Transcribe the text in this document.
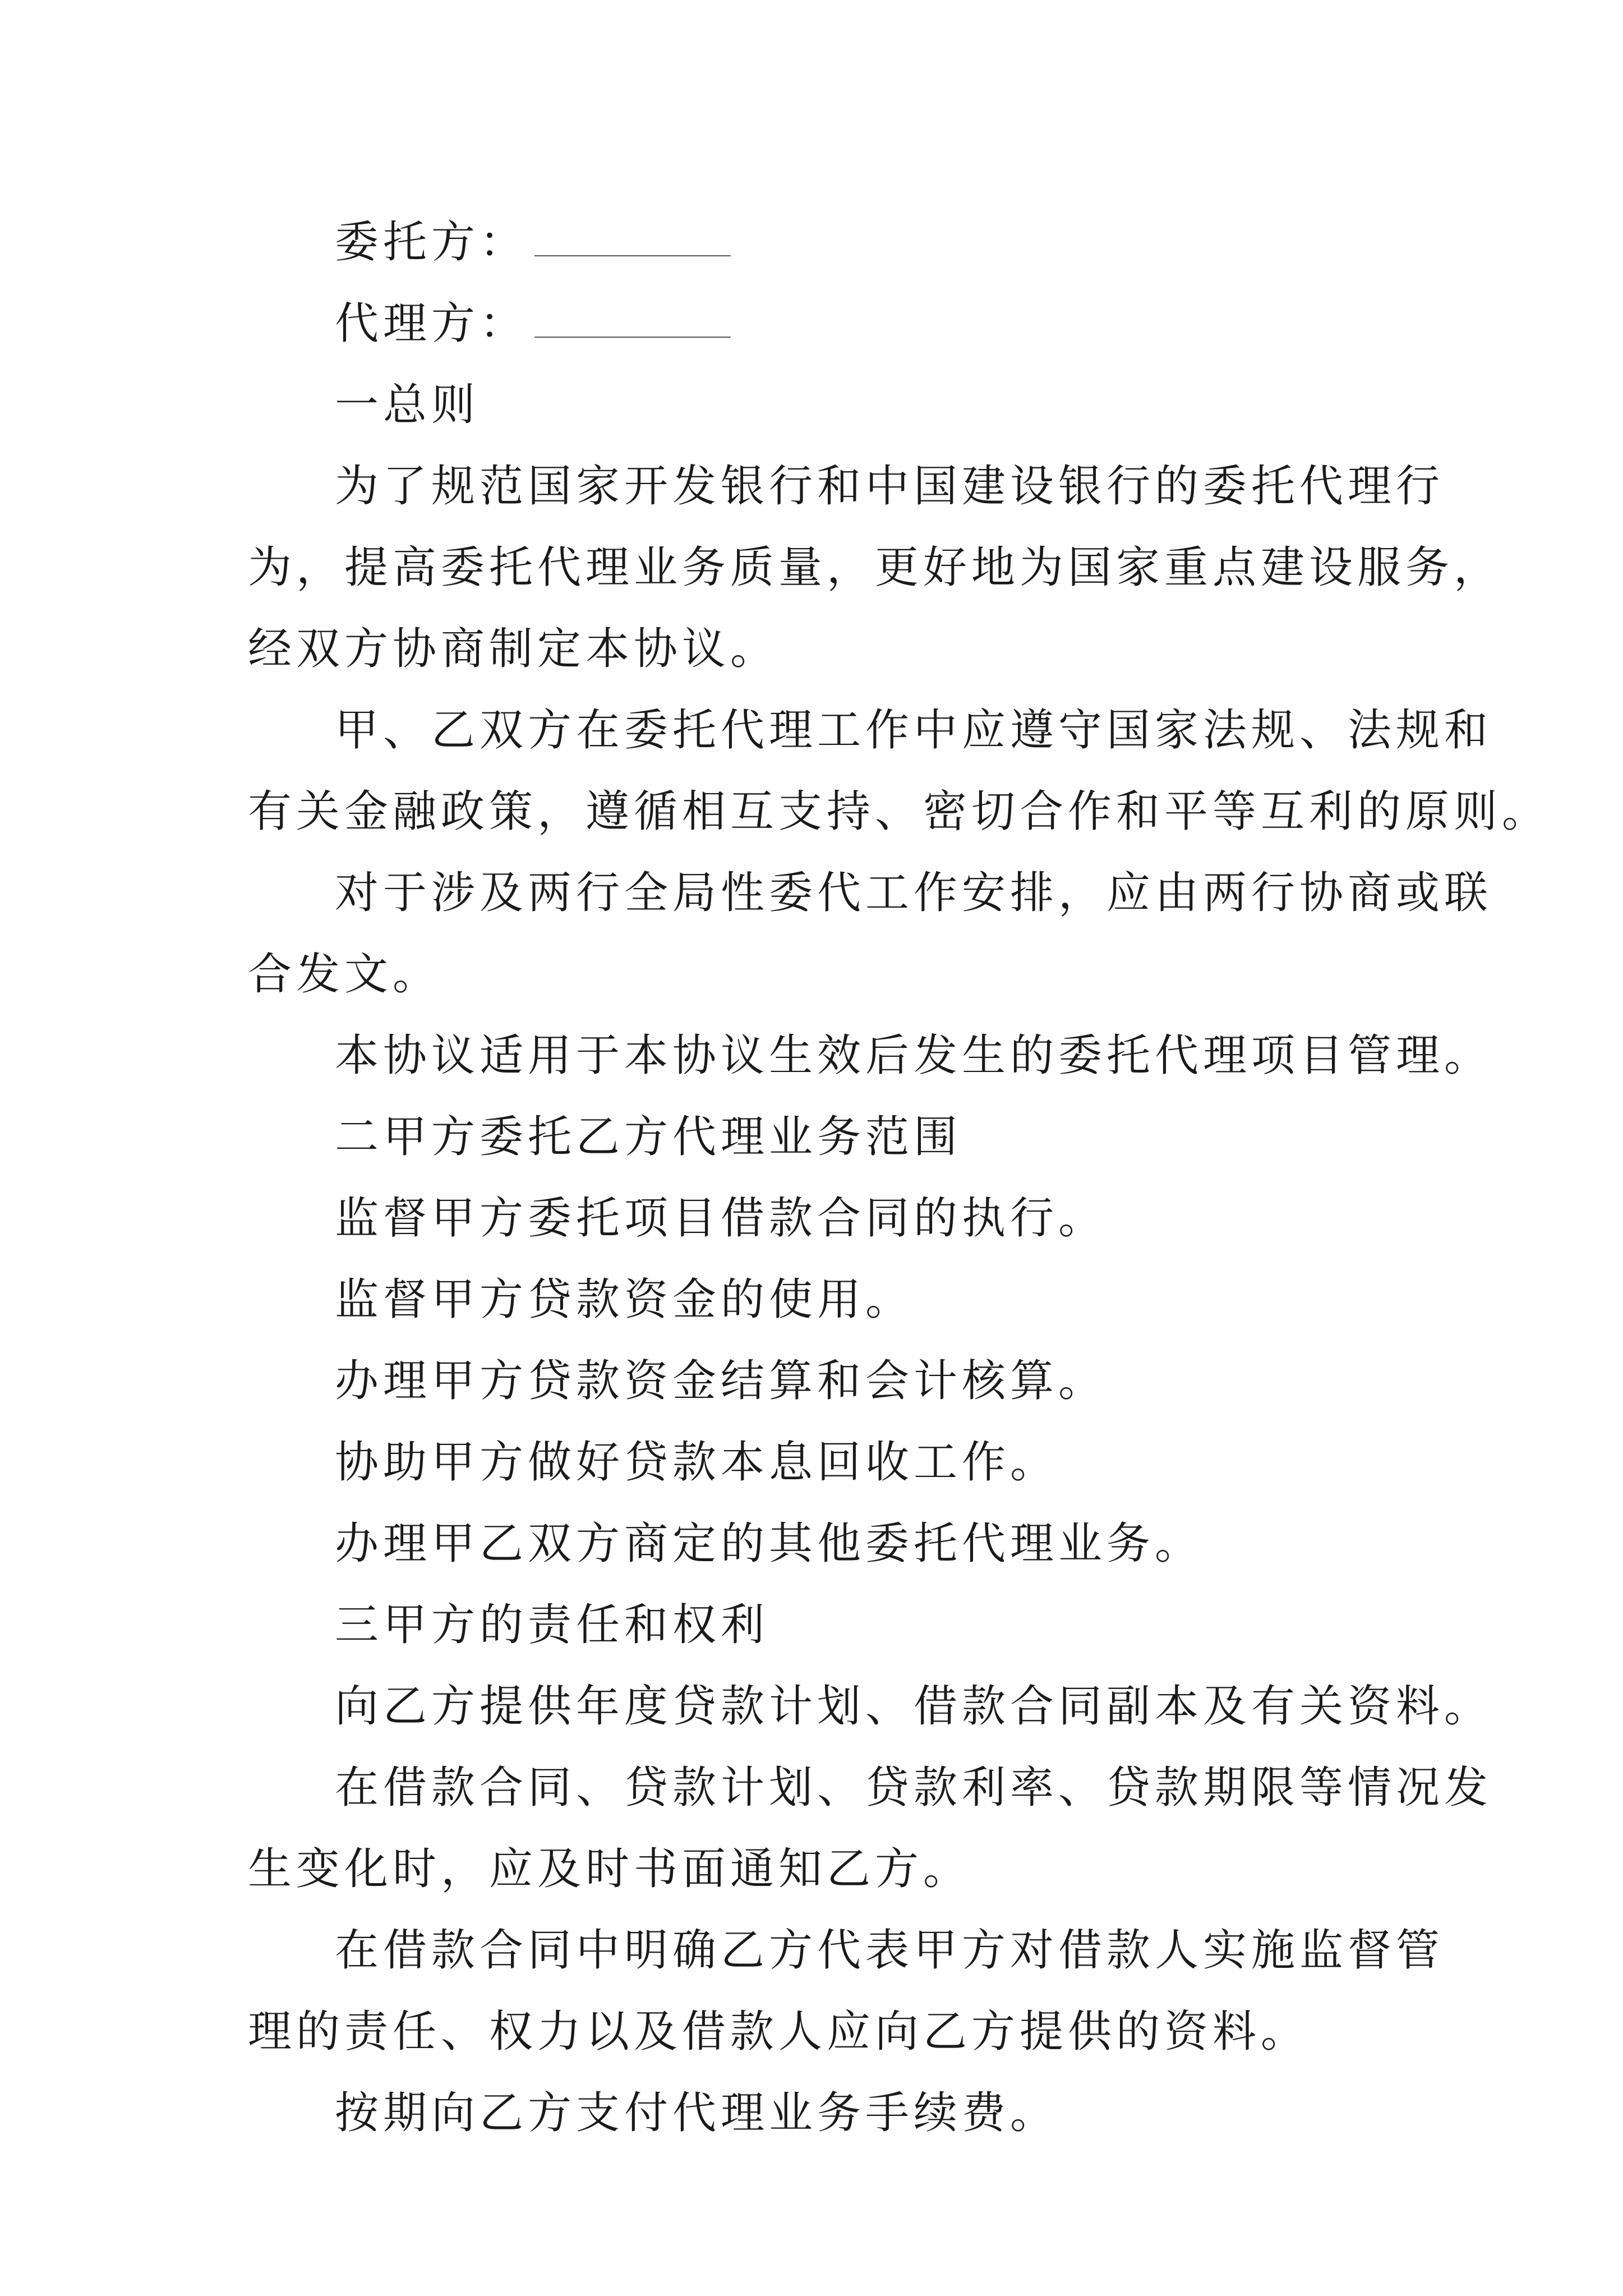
委托方：

代理方：

一总则

为了规范国家开发银行和中国建设银行的委托代理行

为，提高委托代理业务质量，更好地为国家重点建设服务，

经双方协商制定本协议。

甲、乙双方在委托代理工作中应遵守国家法规、法规和

有关金融政策，遵循相互支持、密切合作和平等互利的原则。

对于涉及两行全局性委代工作安排，应由两行协商或联

合发文。

本协议适用于本协议生效后发生的委托代理项目管理。

二甲方委托乙方代理业务范围

监督甲方委托项目借款合同的执行。

监督甲方贷款资金的使用。

办理甲方贷款资金结算和会计核算。

协助甲方做好贷款本息回收工作。

办理甲乙双方商定的其他委托代理业务。

三甲方的责任和权利

向乙方提供年度贷款计划、借款合同副本及有关资料。

在借款合同、贷款计划、贷款利率、贷款期限等情况发

生变化时，应及时书面通知乙方。

在借款合同中明确乙方代表甲方对借款人实施监督管

理的责任、权力以及借款人应向乙方提供的资料。

按期向乙方支付代理业务手续费。
